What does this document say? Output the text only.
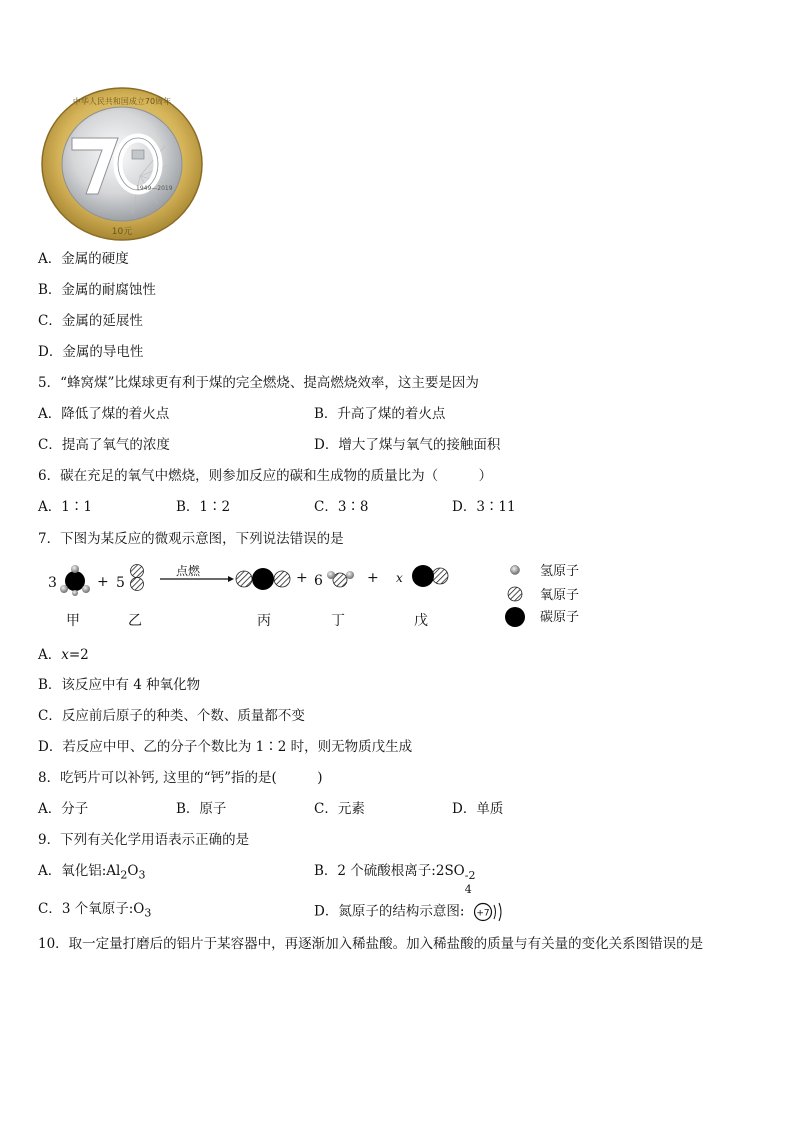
1949—2019
中华人民共和国成立70周年
10元
A．金属的硬度
B．金属的耐腐蚀性
C．金属的延展性
D．金属的导电性
5．“蜂窝煤”比煤球更有利于煤的完全燃烧、提高燃烧效率，这主要是因为
A．降低了煤的着火点	B．升高了煤的着火点
C．提高了氧气的浓度	D．增大了煤与氧气的接触面积
6．碳在充足的氧气中燃烧，则参加反应的碳和生成物的质量比为（　　　）
A．1∶1	B．1∶2	C．3∶8	D．3∶11
7．下图为某反应的微观示意图，下列说法错误的是
3	+ 5	+ 6	+ x
点燃
甲	乙	丙	丁	戊
氢原子
氧原子
碳原子
A．x=2
B．该反应中有 4 种氧化物
C．反应前后原子的种类、个数、质量都不变
D．若反应中甲、乙的分子个数比为 1∶2 时，则无物质戊生成
8．吃钙片可以补钙, 这里的“钙”指的是(　　　)
A．分子	B．原子	C．元素	D．单质
9．下列有关化学用语表示正确的是
A．氧化铝$:Al_2O_3$	B．2 个硫酸根离子:2SO -2
4
C．3 个氧原子$:O_3$	D．氮原子的结构示意图: +7
10．取一定量打磨后的铝片于某容器中，再逐渐加入稀盐酸。加入稀盐酸的质量与有关量的变化关系图错误的是
